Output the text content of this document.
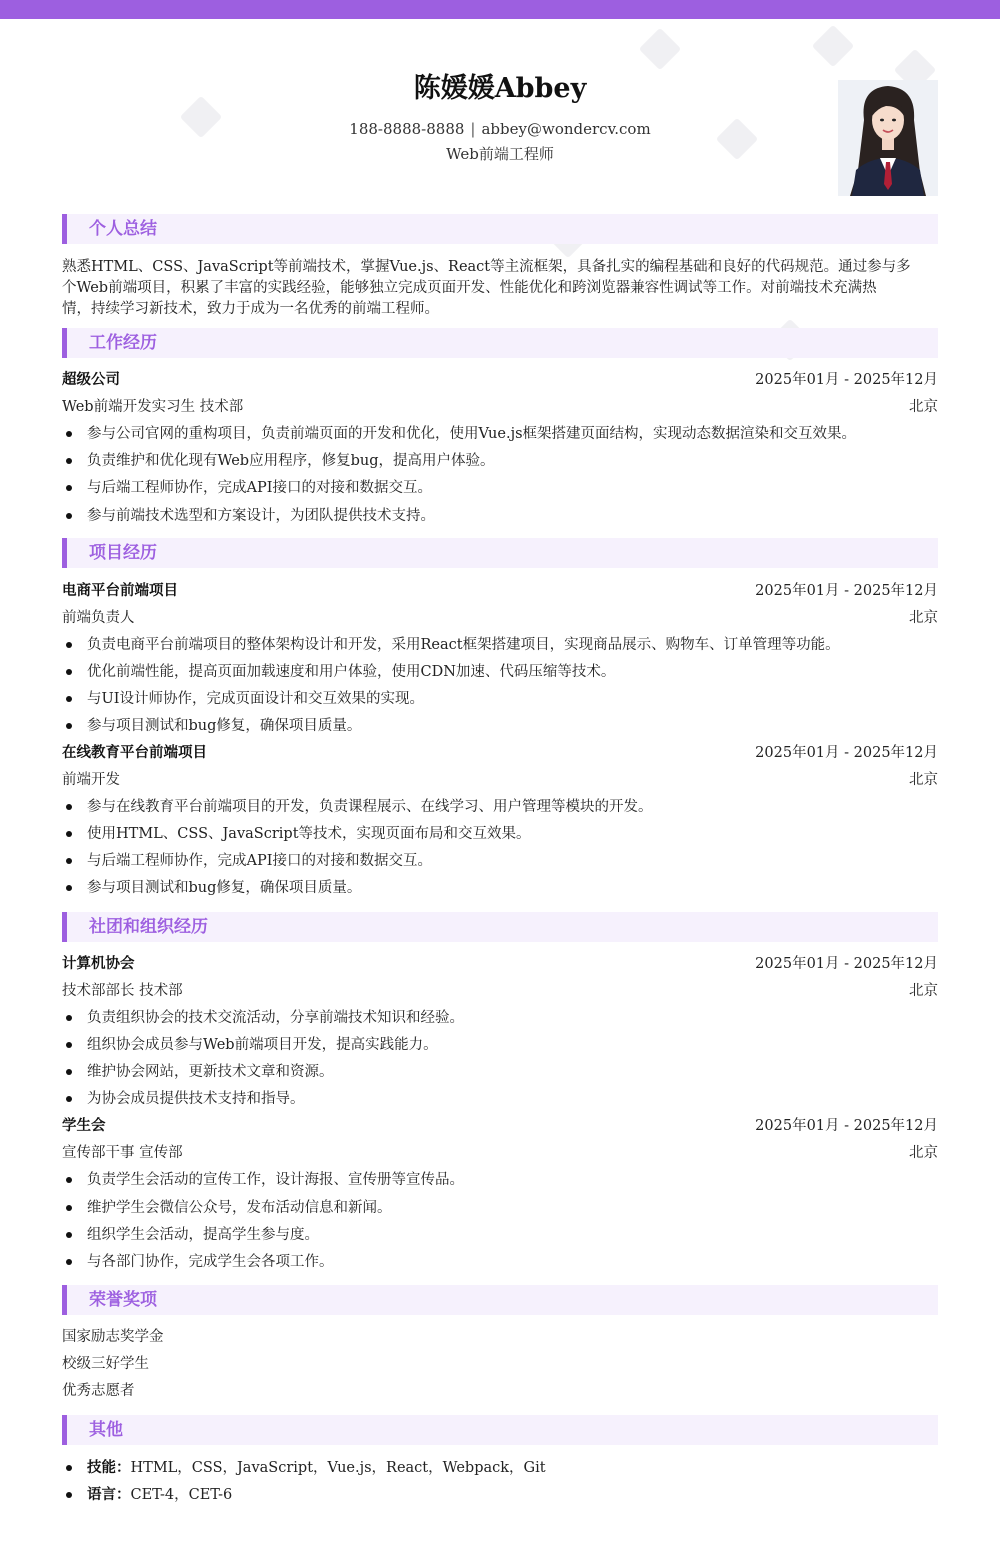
陈媛媛Abbey
188-8888-8888 | abbey@wondercv.com
Web前端工程师
个人总结

熟悉HTML、CSS、JavaScript等前端技术，掌握Vue.js、React等主流框架，具备扎实的编程基础和良好的代码规范。通过参与多
个Web前端项目，积累了丰富的实践经验，能够独立完成页面开发、性能优化和跨浏览器兼容性调试等工作。对前端技术充满热
情，持续学习新技术，致力于成为一名优秀的前端工程师。

工作经历
超级公司	2025年01月 - 2025年12月
Web前端开发实习生 技术部	北京
参与公司官网的重构项目，负责前端页面的开发和优化，使用Vue.js框架搭建页面结构，实现动态数据渲染和交互效果。
负责维护和优化现有Web应用程序，修复bug，提高用户体验。
与后端工程师协作，完成API接口的对接和数据交互。
参与前端技术选型和方案设计，为团队提供技术支持。
项目经历
电商平台前端项目	2025年01月 - 2025年12月
前端负责人	北京
负责电商平台前端项目的整体架构设计和开发，采用React框架搭建项目，实现商品展示、购物车、订单管理等功能。
优化前端性能，提高页面加载速度和用户体验，使用CDN加速、代码压缩等技术。
与UI设计师协作，完成页面设计和交互效果的实现。
参与项目测试和bug修复，确保项目质量。
在线教育平台前端项目	2025年01月 - 2025年12月
前端开发	北京
参与在线教育平台前端项目的开发，负责课程展示、在线学习、用户管理等模块的开发。
使用HTML、CSS、JavaScript等技术，实现页面布局和交互效果。
与后端工程师协作，完成API接口的对接和数据交互。
参与项目测试和bug修复，确保项目质量。
社团和组织经历
计算机协会	2025年01月 - 2025年12月
技术部部长 技术部	北京
负责组织协会的技术交流活动，分享前端技术知识和经验。
组织协会成员参与Web前端项目开发，提高实践能力。
维护协会网站，更新技术文章和资源。
为协会成员提供技术支持和指导。
学生会	2025年01月 - 2025年12月
宣传部干事 宣传部	北京
负责学生会活动的宣传工作，设计海报、宣传册等宣传品。
维护学生会微信公众号，发布活动信息和新闻。
组织学生会活动，提高学生参与度。
与各部门协作，完成学生会各项工作。
荣誉奖项
国家励志奖学金
校级三好学生
优秀志愿者
其他
技能：HTML，CSS，JavaScript，Vue.js，React，Webpack，Git
语言：CET-4，CET-6
